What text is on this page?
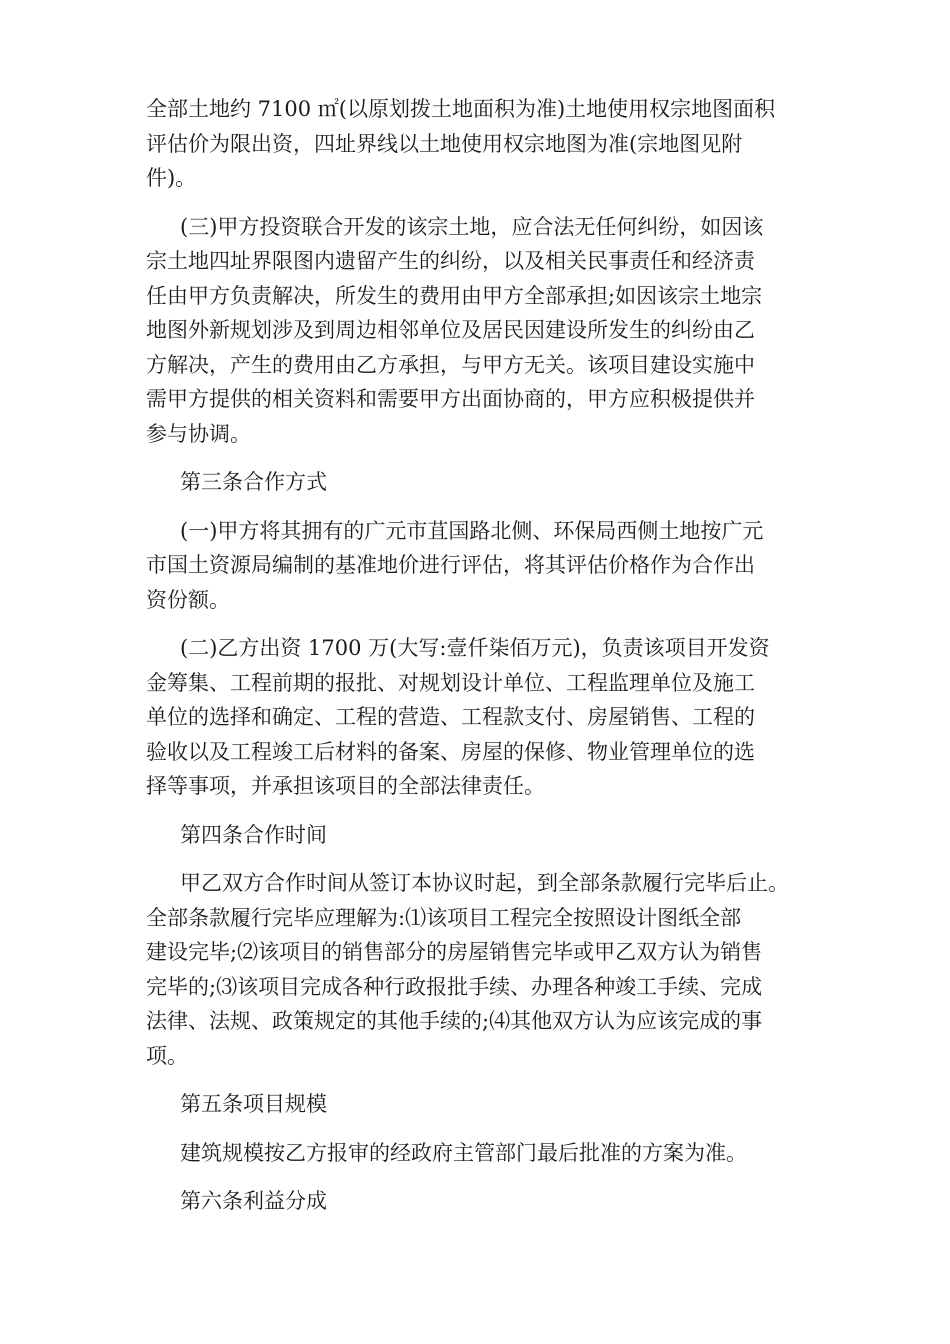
全部土地约 7100 ㎡(以原划拨土地面积为准)土地使用权宗地图面积
评估价为限出资，四址界线以土地使用权宗地图为准(宗地图见附
件)。

(三)甲方投资联合开发的该宗土地，应合法无任何纠纷，如因该
宗土地四址界限图内遗留产生的纠纷，以及相关民事责任和经济责
任由甲方负责解决，所发生的费用由甲方全部承担;如因该宗土地宗
地图外新规划涉及到周边相邻单位及居民因建设所发生的纠纷由乙
方解决，产生的费用由乙方承担，与甲方无关。该项目建设实施中
需甲方提供的相关资料和需要甲方出面协商的，甲方应积极提供并
参与协调。

第三条合作方式

(一)甲方将其拥有的广元市苴国路北侧、环保局西侧土地按广元
市国土资源局编制的基准地价进行评估，将其评估价格作为合作出
资份额。

(二)乙方出资 1700 万(大写:壹仟柒佰万元)，负责该项目开发资
金筹集、工程前期的报批、对规划设计单位、工程监理单位及施工
单位的选择和确定、工程的营造、工程款支付、房屋销售、工程的
验收以及工程竣工后材料的备案、房屋的保修、物业管理单位的选
择等事项，并承担该项目的全部法律责任。

第四条合作时间

甲乙双方合作时间从签订本协议时起，到全部条款履行完毕后止。
全部条款履行完毕应理解为:⑴该项目工程完全按照设计图纸全部
建设完毕;⑵该项目的销售部分的房屋销售完毕或甲乙双方认为销售
完毕的;⑶该项目完成各种行政报批手续、办理各种竣工手续、完成
法律、法规、政策规定的其他手续的;⑷其他双方认为应该完成的事
项。

第五条项目规模

建筑规模按乙方报审的经政府主管部门最后批准的方案为准。

第六条利益分成
